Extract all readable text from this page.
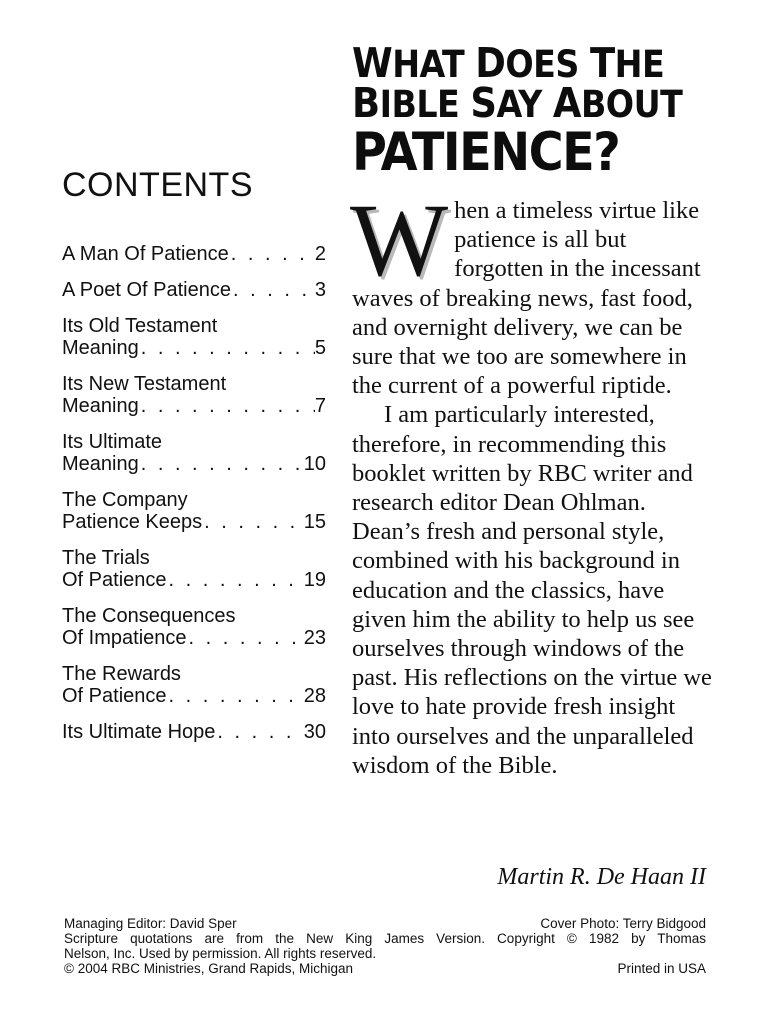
WHAT DOES THE
BIBLE SAY ABOUT
PATIENCE?
CONTENTS
A Man Of Patience . . .	2
A Poet Of Patience . . .	3
Its Old Testament
Meaning . . .	5
Its New Testament
Meaning . . .	7
Its Ultimate
Meaning . . .	10
The Company
Patience Keeps . . .	15
The Trials
Of Patience . . .	19
The Consequences
Of Impatience . . .	23
The Rewards
Of Patience . . .	28
Its Ultimate Hope . . .	30

When a timeless virtue like patience is all but forgotten in the incessant waves of breaking news, fast food, and overnight delivery, we can be sure that we too are somewhere in the current of a powerful riptide.

I am particularly interested, therefore, in recommending this booklet written by RBC writer and research editor Dean Ohlman. Dean’s fresh and personal style, combined with his background in education and the classics, have given him the ability to help us see ourselves through windows of the past. His reflections on the virtue we love to hate provide fresh insight into ourselves and the unparalleled wisdom of the Bible.

Martin R. De Haan II
Managing Editor: David Sper	Cover Photo: Terry Bidgood
Scripture quotations are from the New King James Version. Copyright © 1982 by Thomas
Nelson, Inc. Used by permission. All rights reserved.
© 2004 RBC Ministries, Grand Rapids, Michigan	Printed in USA
